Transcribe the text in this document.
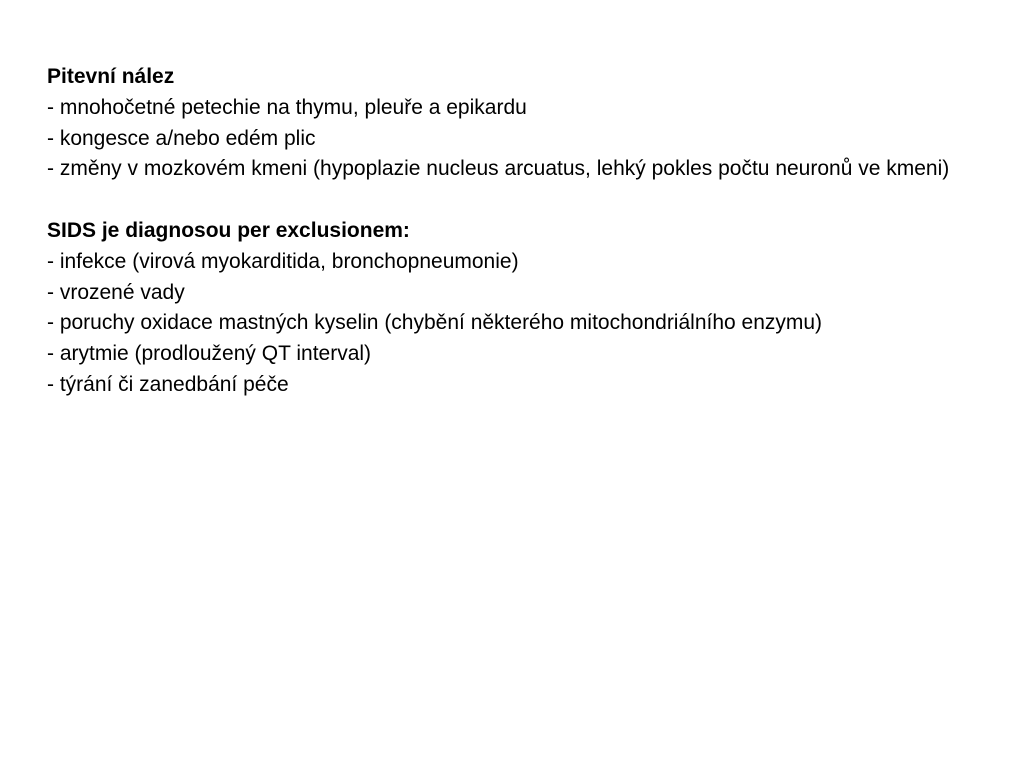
Pitevní nález
- mnohočetné petechie na thymu, pleuře a epikardu
- kongesce a/nebo edém plic
- změny v mozkovém kmeni (hypoplazie nucleus arcuatus, lehký pokles počtu neuronů ve kmeni)
SIDS je diagnosou per exclusionem:
- infekce (virová myokarditida, bronchopneumonie)
- vrozené vady
- poruchy oxidace mastných kyselin (chybění některého mitochondriálního enzymu)
- arytmie (prodloužený QT interval)
- týrání či zanedbání péče
